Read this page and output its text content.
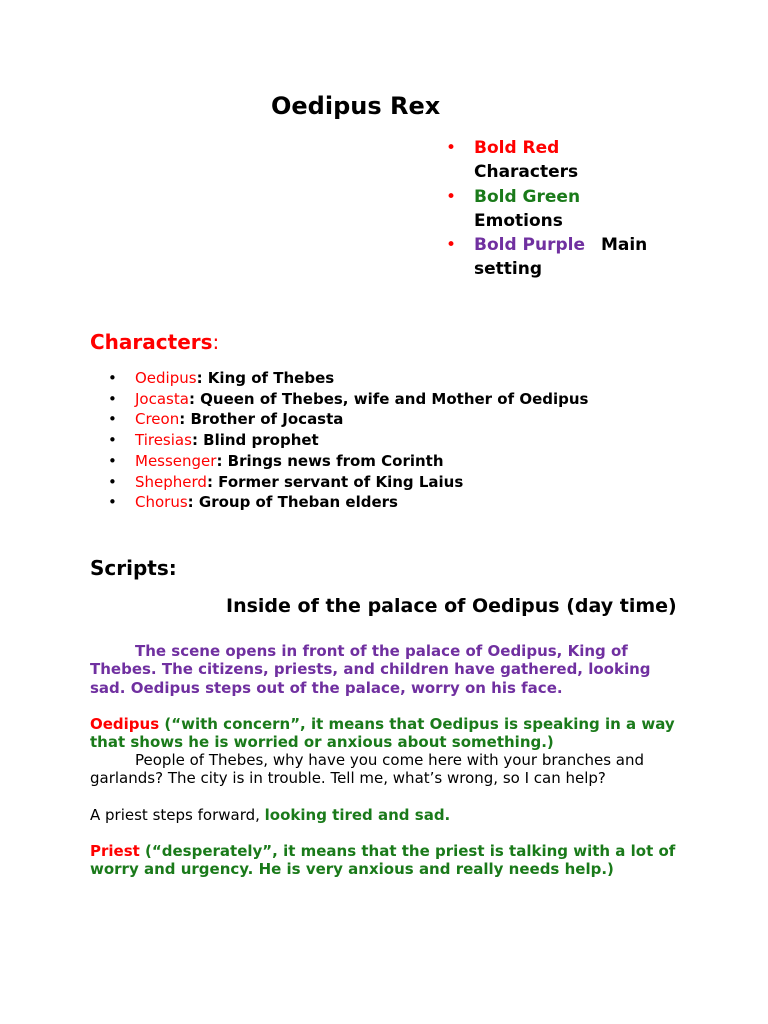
Oedipus Rex
• Bold Red
Characters
• Bold Green
Emotions
• Bold Purple Main setting
Characters:
• Oedipus: King of Thebes
• Jocasta: Queen of Thebes, wife and Mother of Oedipus
• Creon: Brother of Jocasta
• Tiresias: Blind prophet
• Messenger: Brings news from Corinth
• Shepherd: Former servant of King Laius
• Chorus: Group of Theban elders
Scripts:
Inside of the palace of Oedipus (day time)

The scene opens in front of the palace of Oedipus, King of Thebes. The citizens, priests, and children have gathered, looking sad. Oedipus steps out of the palace, worry on his face.

Oedipus (“with concern”, it means that Oedipus is speaking in a way that shows he is worried or anxious about something.)

People of Thebes, why have you come here with your branches and garlands? The city is in trouble. Tell me, what’s wrong, so I can help?

A priest steps forward, looking tired and sad.

Priest (“desperately”, it means that the priest is talking with a lot of worry and urgency. He is very anxious and really needs help.)
